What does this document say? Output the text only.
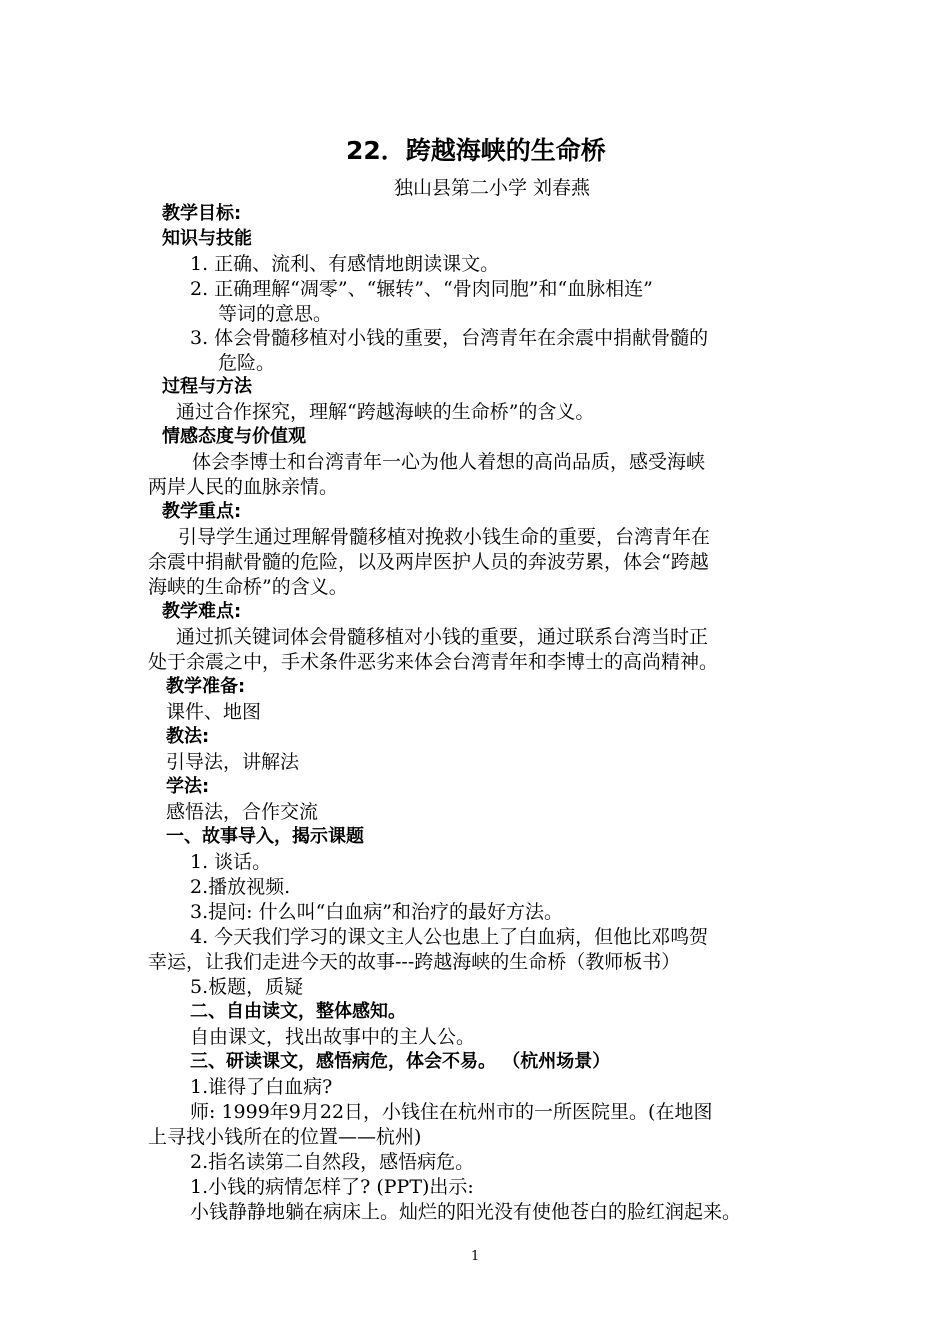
22．跨越海峡的生命桥
独山县第二小学 刘春燕
教学目标:
知识与技能
1. 正确、流利、有感情地朗读课文。
2. 正确理解“凋零”、“辗转”、“骨肉同胞”和“血脉相连”
等词的意思。
3. 体会骨髓移植对小钱的重要，台湾青年在余震中捐献骨髓的
危险。
过程与方法
通过合作探究，理解“跨越海峡的生命桥”的含义。
情感态度与价值观
体会李博士和台湾青年一心为他人着想的高尚品质，感受海峡
两岸人民的血脉亲情。
教学重点:
引导学生通过理解骨髓移植对挽救小钱生命的重要，台湾青年在
余震中捐献骨髓的危险，以及两岸医护人员的奔波劳累，体会“跨越
海峡的生命桥”的含义。
教学难点:
通过抓关键词体会骨髓移植对小钱的重要，通过联系台湾当时正
处于余震之中，手术条件恶劣来体会台湾青年和李博士的高尚精神。
教学准备:
课件、地图
教法:
引导法，讲解法
学法:
感悟法，合作交流
一、故事导入，揭示课题
1. 谈话。
2.播放视频.
3.提问: 什么叫“白血病”和治疗的最好方法。
4. 今天我们学习的课文主人公也患上了白血病，但他比邓鸣贺
幸运，让我们走进今天的故事---跨越海峡的生命桥（教师板书）
5.板题，质疑
二、自由读文，整体感知。
自由课文，找出故事中的主人公。
三、研读课文，感悟病危，体会不易。 （杭州场景）
1.谁得了白血病?
师: 1999年9月22日，小钱住在杭州市的一所医院里。(在地图
上寻找小钱所在的位置——杭州)
2.指名读第二自然段，感悟病危。
1.小钱的病情怎样了? (PPT)出示:
小钱静静地躺在病床上。灿烂的阳光没有使他苍白的脸红润起来。
1
